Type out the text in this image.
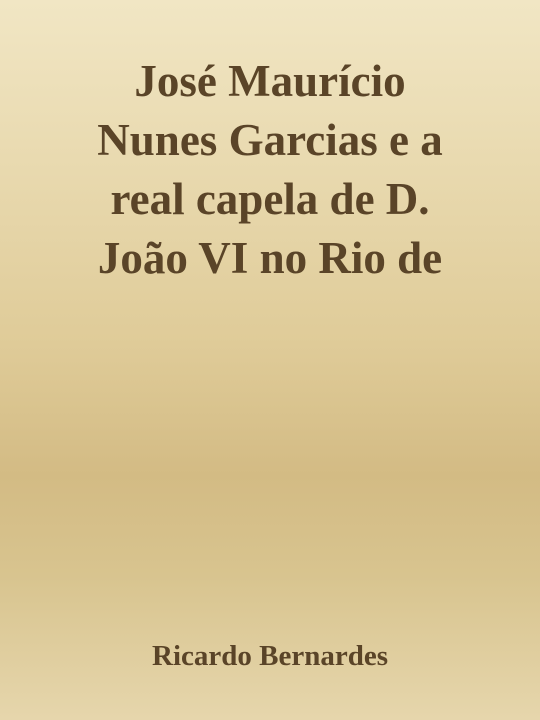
José Maurício
Nunes Garcias e a
real capela de D.
João VI no Rio de

Ricardo Bernardes
